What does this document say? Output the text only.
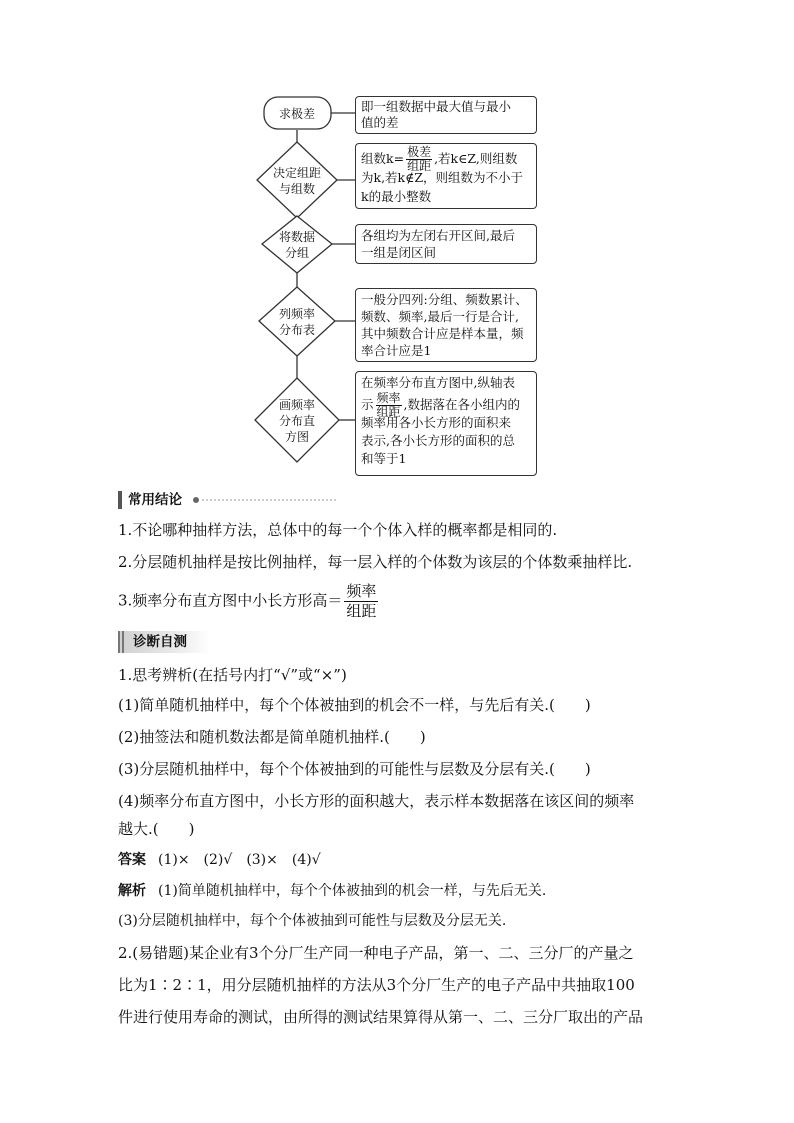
求极差
决定组距
与组数
将数据
分组
列频率
分布表
画频率
分布直
方图
即一组数据中最大值与最小
值的差
组数$k= \frac{\text{极差}}{\text{组距}}$ ,若k∈Z,则组数
为k,若k∉Z，则组数为不小于
k的最小整数
各组均为左闭右开区间,最后
一组是闭区间
一般分四列:分组、频数累计、
频数、频率,最后一行是合计,
其中频数合计应是样本量，频
率合计应是1
在频率分布直方图中,纵轴表
示 $\frac{\text{频率}}{\text{组距}}$ ,数据落在各小组内的
频率用各小长方形的面积来
表示,各小长方形的面积的总
和等于1
常用结论
1.不论哪种抽样方法，总体中的每一个个体入样的概率都是相同的.
2.分层随机抽样是按比例抽样，每一层入样的个体数为该层的个体数乘抽样比.
3.频率分布直方图中小长方形高＝
频率
组距
诊断自测
1.思考辨析(在括号内打“√”或“×”)
(1)简单随机抽样中，每个个体被抽到的机会不一样，与先后有关.(　　)
(2)抽签法和随机数法都是简单随机抽样.(　　)
(3)分层随机抽样中，每个个体被抽到的可能性与层数及分层有关.(　　)
(4)频率分布直方图中，小长方形的面积越大，表示样本数据落在该区间的频率
越大.(　　)
答案 (1)×　(2)√　(3)×　(4)√
解析 (1)简单随机抽样中，每个个体被抽到的机会一样，与先后无关.
(3)分层随机抽样中，每个个体被抽到可能性与层数及分层无关.
2.(易错题)某企业有3个分厂生产同一种电子产品，第一、二、三分厂的产量之
比为1∶2∶1，用分层随机抽样的方法从3个分厂生产的电子产品中共抽取100
件进行使用寿命的测试，由所得的测试结果算得从第一、二、三分厂取出的产品
